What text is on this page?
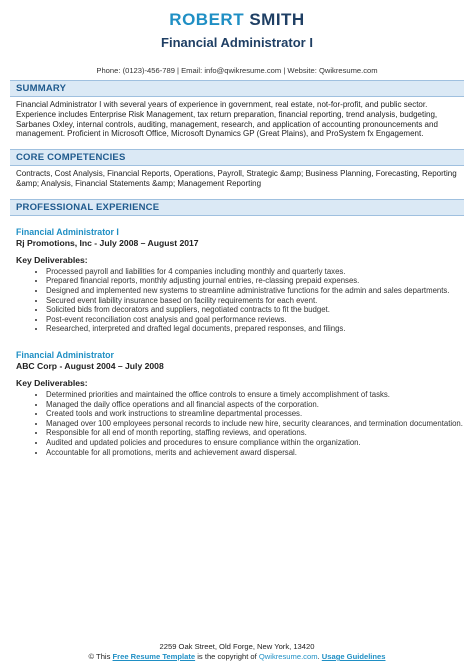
ROBERT SMITH
Financial Administrator I
Phone: (0123)-456-789 | Email: info@qwikresume.com | Website: Qwikresume.com
SUMMARY
Financial Administrator I with several years of experience in government, real estate, not-for-profit, and public sector. Experience includes Enterprise Risk Management, tax return preparation, financial reporting, trend analysis, budgeting, Sarbanes Oxley, internal controls, auditing, management, research, and application of accounting pronouncements and management. Proficient in Microsoft Office, Microsoft Dynamics GP (Great Plains), and ProSystem fx Engagement.
CORE COMPETENCIES
Contracts, Cost Analysis, Financial Reports, Operations, Payroll, Strategic &amp; Business Planning, Forecasting, Reporting &amp; Analysis, Financial Statements &amp; Management Reporting
PROFESSIONAL EXPERIENCE
Financial Administrator I
Rj Promotions, Inc - July 2008 – August 2017
Key Deliverables:
• Processed payroll and liabilities for 4 companies including monthly and quarterly taxes.
• Prepared financial reports, monthly adjusting journal entries, re-classing prepaid expenses.
• Designed and implemented new systems to streamline administrative functions for the admin and sales departments.
• Secured event liability insurance based on facility requirements for each event.
• Solicited bids from decorators and suppliers, negotiated contracts to fit the budget.
• Post-event reconciliation cost analysis and goal performance reviews.
• Researched, interpreted and drafted legal documents, prepared responses, and filings.
Financial Administrator
ABC Corp - August 2004 – July 2008
Key Deliverables:
• Determined priorities and maintained the office controls to ensure a timely accomplishment of tasks.
• Managed the daily office operations and all financial aspects of the corporation.
• Created tools and work instructions to streamline departmental processes.
• Managed over 100 employees personal records to include new hire, security clearances, and termination documentation.
• Responsible for all end of month reporting, staffing reviews, and operations.
• Audited and updated policies and procedures to ensure compliance within the organization.
• Accountable for all promotions, merits and achievement award dispersal.
2259 Oak Street, Old Forge, New York, 13420
© This Free Resume Template is the copyright of Qwikresume.com. Usage Guidelines
